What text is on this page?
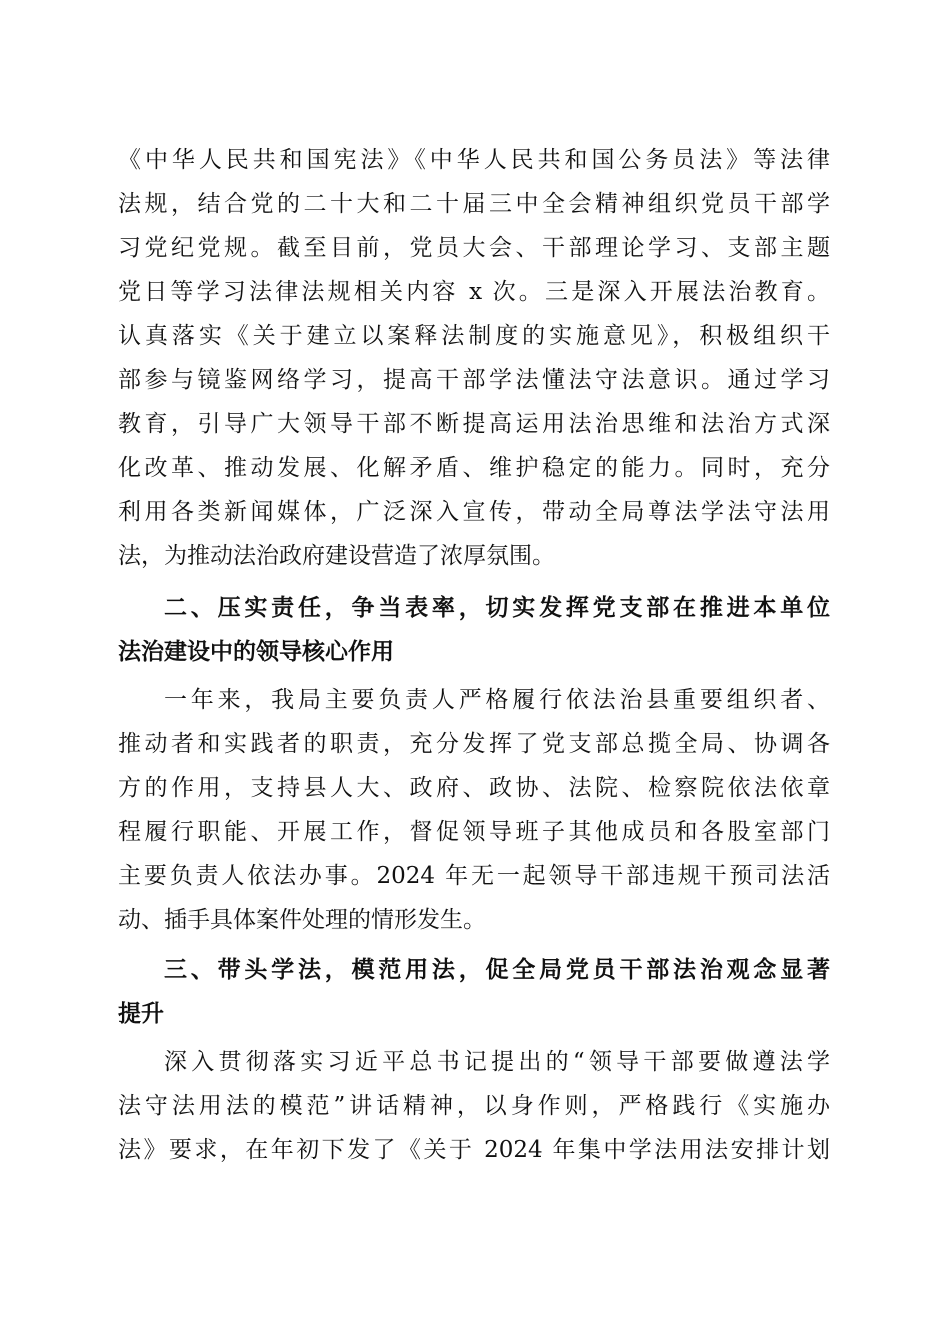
《中华人民共和国宪法》《中华人民共和国公务员法》等法律
法规，结合党的二十大和二十届三中全会精神组织党员干部学
习党纪党规。截至目前，党员大会、干部理论学习、支部主题
党日等学习法律法规相关内容 x 次。三是深入开展法治教育。
认真落实《关于建立以案释法制度的实施意见》，积极组织干
部参与镜鉴网络学习，提高干部学法懂法守法意识。通过学习
教育，引导广大领导干部不断提高运用法治思维和法治方式深
化改革、推动发展、化解矛盾、维护稳定的能力。同时，充分
利用各类新闻媒体，广泛深入宣传，带动全局尊法学法守法用
法，为推动法治政府建设营造了浓厚氛围。
二、压实责任，争当表率，切实发挥党支部在推进本单位
法治建设中的领导核心作用
一年来，我局主要负责人严格履行依法治县重要组织者、
推动者和实践者的职责，充分发挥了党支部总揽全局、协调各
方的作用，支持县人大、政府、政协、法院、检察院依法依章
程履行职能、开展工作，督促领导班子其他成员和各股室部门
主要负责人依法办事。2024 年无一起领导干部违规干预司法活
动、插手具体案件处理的情形发生。
三、带头学法，模范用法，促全局党员干部法治观念显著
提升
深入贯彻落实习近平总书记提出的“领导干部要做遵法学
法守法用法的模范”讲话精神，以身作则，严格践行《实施办
法》要求，在年初下发了《关于 2024 年集中学法用法安排计划
